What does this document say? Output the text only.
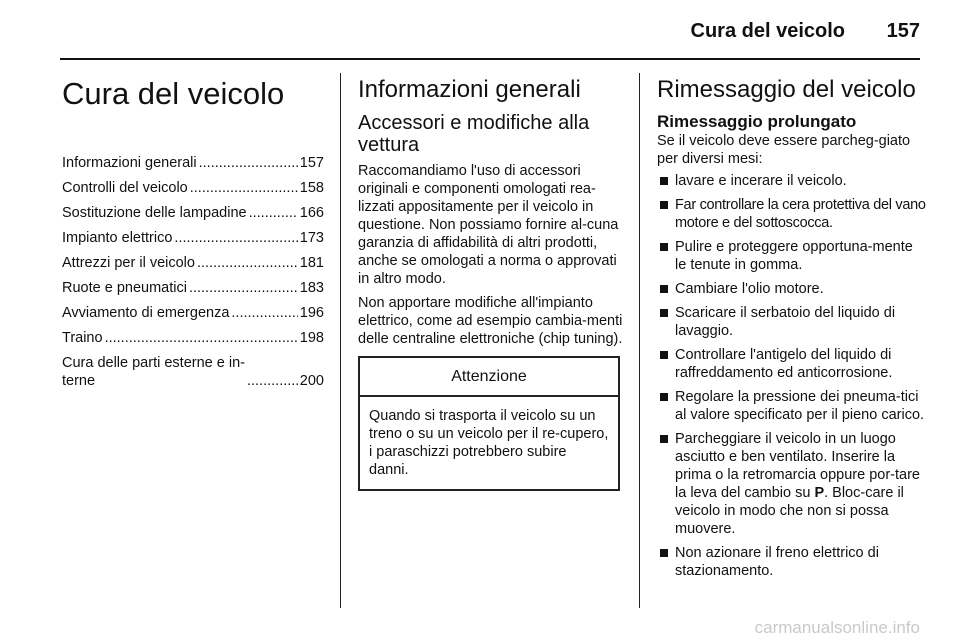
Cura del veicolo 157
Cura del veicolo
Informazioni generali .....	157
Controlli del veicolo .....	158
Sostituzione delle lampadine .....	166
Impianto elettrico .....	173
Attrezzi per il veicolo .....	181
Ruote e pneumatici .....	183
Avviamento di emergenza .....	196
Traino .....	198
Cura delle parti esterne e in-
terne .....	200
Informazioni generali
Accessori e modifiche alla vettura

Raccomandiamo l'uso di accessori originali e componenti omologati rea-lizzati appositamente per il veicolo in questione. Non possiamo fornire al-cuna garanzia di affidabilità di altri prodotti, anche se omologati a norma o approvati in altro modo.

Non apportare modifiche all'impianto elettrico, come ad esempio cambia-menti delle centraline elettroniche (chip tuning).

Attenzione
Quando si trasporta il veicolo su un treno o su un veicolo per il re-cupero, i paraschizzi potrebbero subire danni.
Rimessaggio del veicolo
Rimessaggio prolungato

Se il veicolo deve essere parcheg-giato per diversi mesi:

lavare e incerare il veicolo.
Far controllare la cera protettiva del vano motore e del sottoscocca.
Pulire e proteggere opportuna-mente le tenute in gomma.
Cambiare l'olio motore.
Scaricare il serbatoio del liquido di lavaggio.
Controllare l'antigelo del liquido di raffreddamento ed anticorrosione.
Regolare la pressione dei pneuma-tici al valore specificato per il pieno carico.
Parcheggiare il veicolo in un luogo asciutto e ben ventilato. Inserire la prima o la retromarcia oppure por-tare la leva del cambio su P. Bloc-care il veicolo in modo che non si possa muovere.
Non azionare il freno elettrico di stazionamento.
carmanualsonline.info
